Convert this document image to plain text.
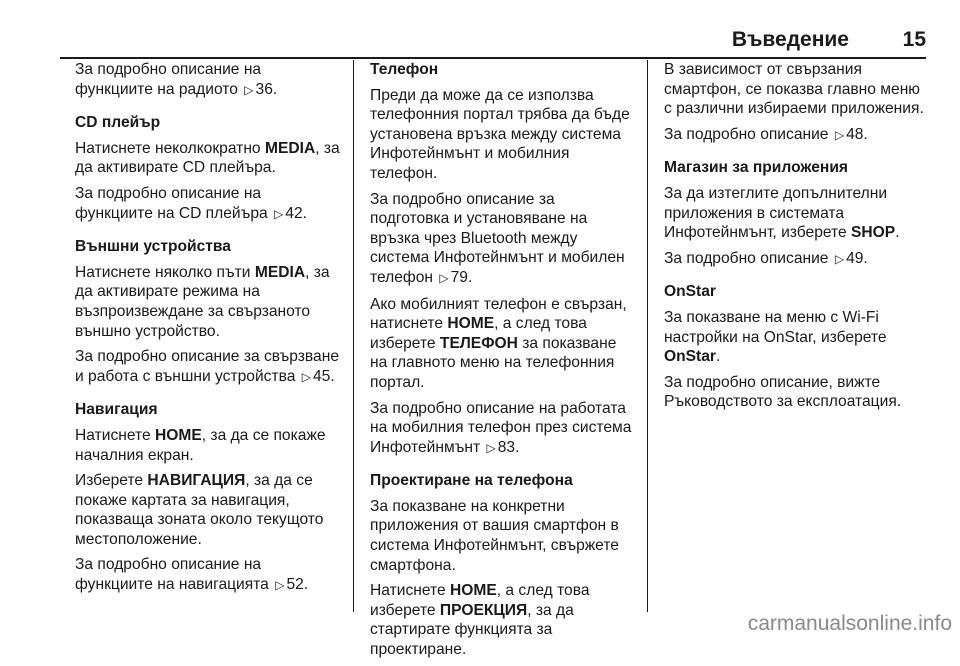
Въведение	15

За подробно описание на функциите на радиото ▷ 36.

CD плейър

Натиснете неколкократно MEDIA, за да активирате CD плейъра.

За подробно описание на функциите на CD плейъра ▷ 42.

Външни устройства

Натиснете няколко пъти MEDIA, за да активирате режима на възпроизвеждане за свързаното външно устройство.

За подробно описание за свързване и работа с външни устройства ▷ 45.

Навигация

Натиснете HOME, за да се покаже началния екран.

Изберете НАВИГАЦИЯ, за да се покаже картата за навигация, показваща зоната около текущото местоположение.

За подробно описание на функциите на навигацията ▷ 52.

Телефон

Преди да може да се използва телефонния портал трябва да бъде установена връзка между система Инфотейнмънт и мобилния телефон.

За подробно описание за подготовка и установяване на връзка чрез Bluetooth между система Инфотейнмънт и мобилен телефон ▷ 79.

Ако мобилният телефон е свързан, натиснете HOME, а след това изберете ТЕЛЕФОН за показване на главното меню на телефонния портал.

За подробно описание на работата на мобилния телефон през система Инфотейнмънт ▷ 83.

Проектиране на телефона

За показване на конкретни приложения от вашия смартфон в система Инфотейнмънт, свържете смартфона.

Натиснете HOME, а след това изберете ПРОЕКЦИЯ, за да стартирате функцията за проектиране.

В зависимост от свързания смартфон, се показва главно меню с различни избираеми приложения.

За подробно описание ▷ 48.

Магазин за приложения

За да изтеглите допълнителни приложения в системата Инфотейнмънт, изберете SHOP.

За подробно описание ▷ 49.

OnStar

За показване на меню с Wi-Fi настройки на OnStar, изберете OnStar.

За подробно описание, вижте Ръководството за експлоатация.

carmanualsonline.info
